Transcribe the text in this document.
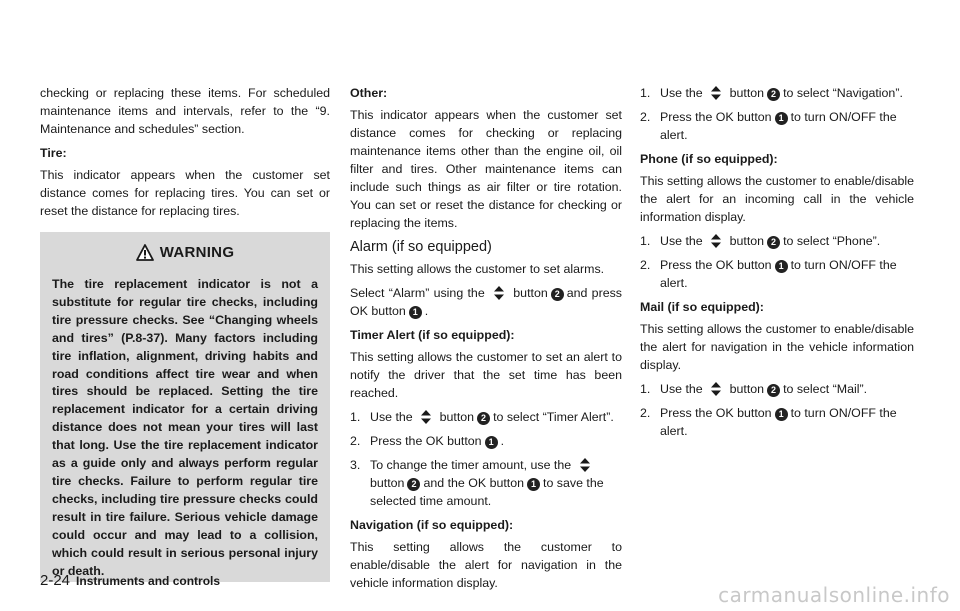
checking or replacing these items. For scheduled maintenance items and intervals, refer to the “9. Maintenance and schedules” section.

Tire:

This indicator appears when the customer set distance comes for replacing tires. You can set or reset the distance for replacing tires.

WARNING
The tire replacement indicator is not a substitute for regular tire checks, including tire pressure checks. See “Changing wheels and tires” (P.8-37). Many factors including tire inflation, alignment, driving habits and road conditions affect tire wear and when tires should be replaced. Setting the tire replacement indicator for a certain driving distance does not mean your tires will last that long. Use the tire replacement indicator as a guide only and always perform regular tire checks. Failure to perform regular tire checks, including tire pressure checks could result in tire failure. Serious vehicle damage could occur and may lead to a collision, which could result in serious personal injury or death.
Other:

This indicator appears when the customer set distance comes for checking or replacing maintenance items other than the engine oil, oil filter and tires. Other maintenance items can include such things as air filter or tire rotation. You can set or reset the distance for checking or replacing the items.

Alarm (if so equipped)

This setting allows the customer to set alarms.

Select “Alarm” using the button 2 and press OK button 1 .

Timer Alert (if so equipped):

This setting allows the customer to set an alert to notify the driver that the set time has been reached.

1. Use the button 2 to select “Timer Alert”.
2. Press the OK button 1 .
3. To change the timer amount, use the  button 2 and the OK button 1 to save the selected time amount.
Navigation (if so equipped):

This setting allows the customer to enable/disable the alert for navigation in the vehicle information display.

1. Use the button 2 to select “Navigation”.
2. Press the OK button 1 to turn ON/OFF the alert.
Phone (if so equipped):

This setting allows the customer to enable/disable the alert for an incoming call in the vehicle information display.

1. Use the button 2 to select “Phone”.
2. Press the OK button 1 to turn ON/OFF the alert.
Mail (if so equipped):

This setting allows the customer to enable/disable the alert for navigation in the vehicle information display.

1. Use the button 2 to select “Mail”.
2. Press the OK button 1 to turn ON/OFF the alert.
2-24 Instruments and controls
carmanualsonline.info
